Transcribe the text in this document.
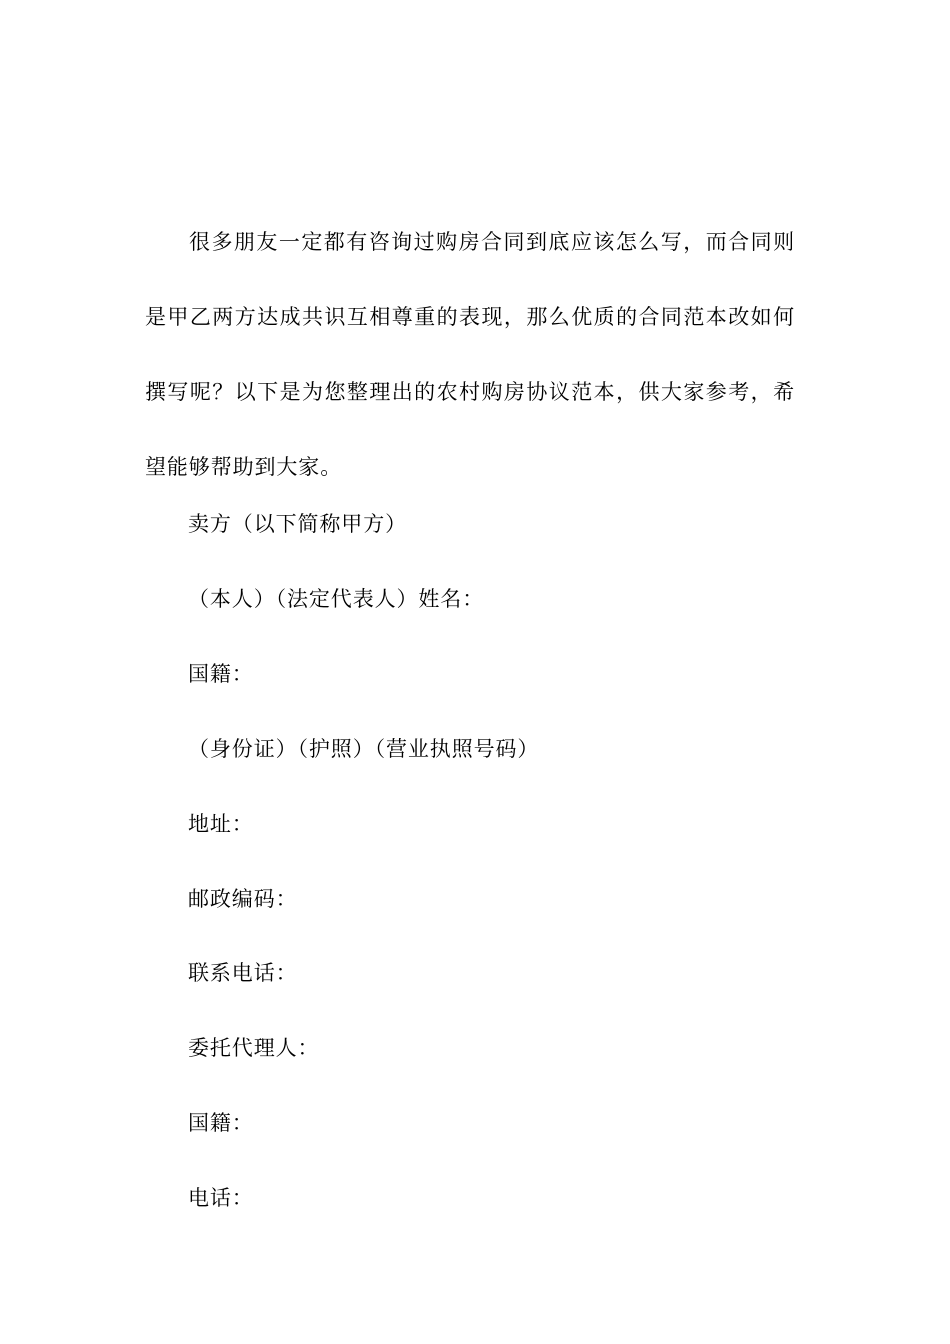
很多朋友一定都有咨询过购房合同到底应该怎么写，而合同则是甲乙两方达成共识互相尊重的表现，那么优质的合同范本改如何撰写呢？以下是为您整理出的农村购房协议范本，供大家参考，希望能够帮助到大家。

卖方（以下简称甲方）

（本人）（法定代表人）姓名：

国籍：

（身份证）（护照）（营业执照号码）

地址：

邮政编码：

联系电话：

委托代理人：

国籍：

电话：
